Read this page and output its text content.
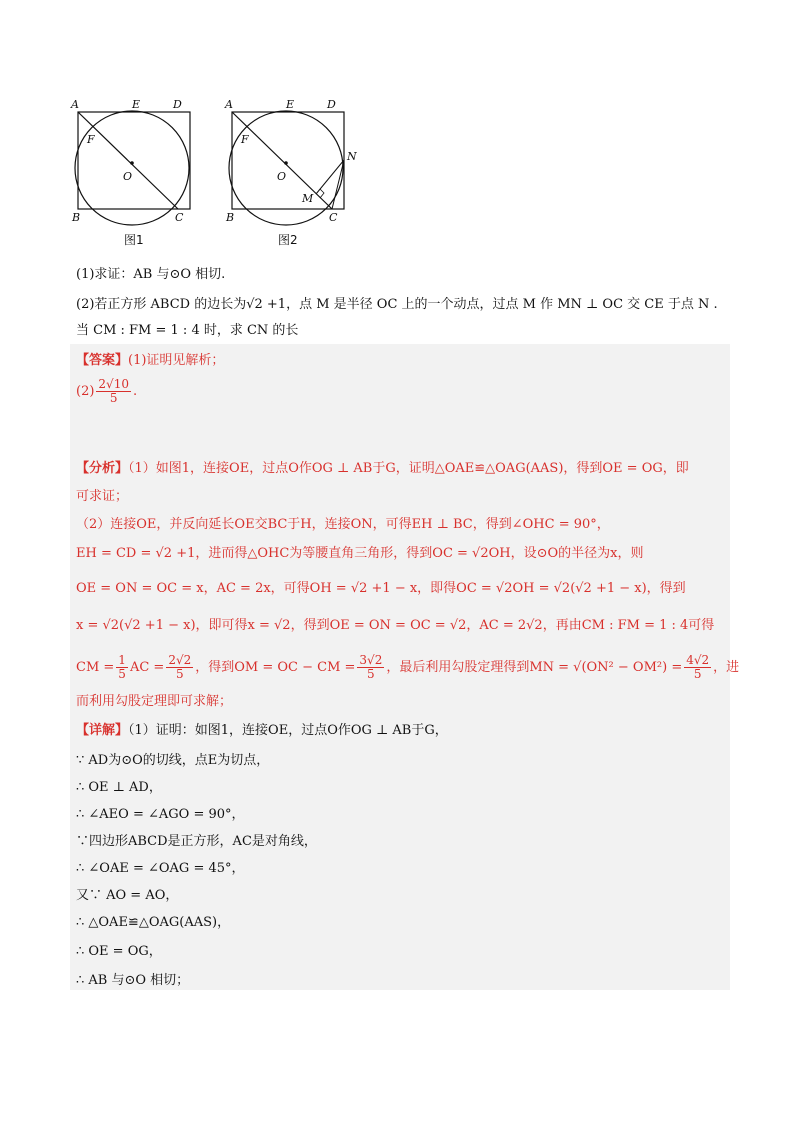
A	E	D
F
O
B	C
图1
A	E	D
F
O
M
N
B	C
图2
(1)求证：AB 与⊙O 相切.
(2)若正方形 ABCD 的边长为√2 +1，点 M 是半径 OC 上的一个动点，过点 M 作 MN ⊥ OC 交 CE 于点 N .
当 CM : FM = 1 : 4 时，求 CN 的长
【答案】(1)证明见解析；
$(2) \frac{2√10}{5}$ .
【分析】（1）如图1，连接OE，过点O作OG ⊥ AB于G，证明△OAE≌△OAG(AAS)，得到OE = OG，即
可求证；
（2）连接OE，并反向延长OE交BC于H，连接ON，可得EH ⊥ BC，得到∠OHC = 90°，
EH = CD = √2 +1，进而得△OHC为等腰直角三角形，得到OC = √2OH，设⊙O的半径为x，则
OE = ON = OC = x，AC = 2x，可得OH = √2 +1 − x，即得OC = √2OH = √2(√2 +1 − x)，得到
x = √2(√2 +1 − x)，即可得x = √2，得到OE = ON = OC = √2，AC = 2√2，再由CM : FM = 1 : 4可得
CM = $\frac{1}{5}$ AC = $\frac{2√2}{5}$ ，得到OM = OC − CM = $\frac{3√2}{5}$ ，最后利用勾股定理得到MN = $√(ON^2 - OM^2) = \frac{4√2}{5}$ ，进
而利用勾股定理即可求解；
【详解】（1）证明：如图1，连接OE，过点O作OG ⊥ AB于G，
∵ AD为⊙O的切线，点E为切点，
∴ OE ⊥ AD，
∴ ∠AEO = ∠AGO = 90°，
∵四边形ABCD是正方形，AC是对角线，
∴ ∠OAE = ∠OAG = 45°，
又∵ AO = AO，
∴ △OAE≌△OAG(AAS)，
∴ OE = OG，
∴ AB 与⊙O 相切；
